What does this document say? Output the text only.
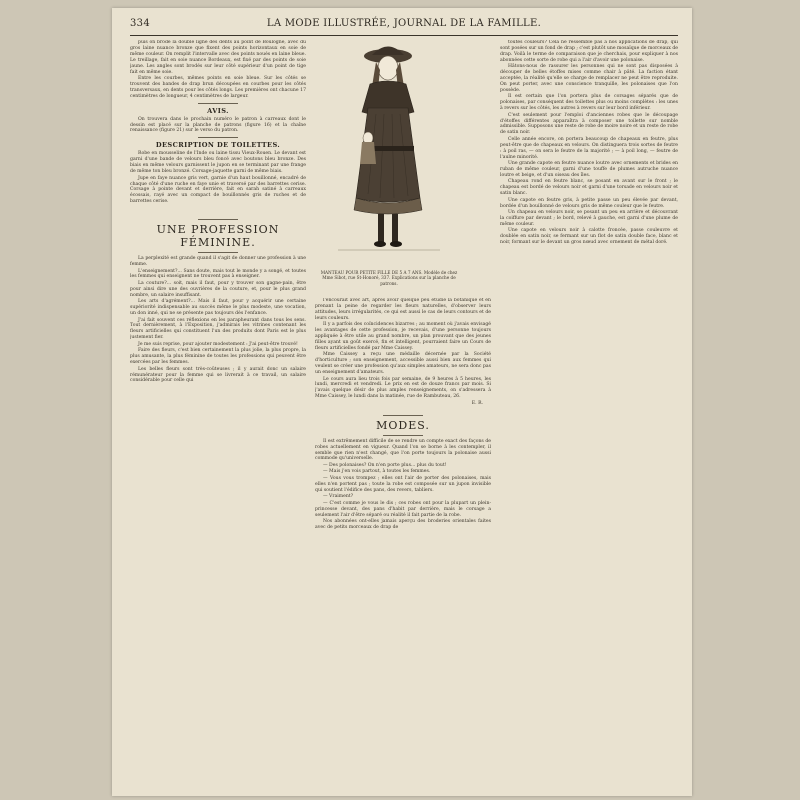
334	LA MODE ILLUSTRÉE, JOURNAL DE LA FAMILLE.

puis on brode la double ligne des dents au point de Boulogne, avec du gros laine nuance bronze que fixent des points horizontaux en soie de même couleur. On remplit l'intervalle avec des points noués en laine bleue. Le treillage, fait en soie nuance Bordeaux, est fixé par des points de soie jaune. Les angles sont brodés sur leur côté supérieur d'un point de tige fait en même soie.

Entre les courbes, mêmes points en soie bleue. Sur les côtés se trouvent des bandes de drap brun découpées en courbes pour les côtés transversaux, en dents pour les côtés longs. Les premières ont chacune 17 centimètres de longueur, 4 centimètres de largeur.

AVIS.

On trouvera dans le prochain numéro le patron à carreaux dont le dessin est placé sur la planche de patrons (figure 16) et la chaîne renaissance (figure 21) sur le verso du patron.

DESCRIPTION DE TOILETTES.

Robe en mousseline de l'Inde ou laine tissu Vieux-Rouen. Le devant est garni d'une bande de velours bleu foncé avec boutons bleu bronze. Des biais en même velours garnissent le jupon en se terminant par une frange de même ton bleu bronzé. Corsage-jaquette garni de même biais.

Jupe en faye nuance gris vert, garnie d'un haut bouillonné, encadré de chaque côté d'une ruche en faye unie et traversé par des barrettes cerise. Corsage à pointe devant et derrière, fait en sarah satiné à carreaux écossais, rayé avec un compact de bouillonnés gris de ruches et de barrettes cerise.

UNE PROFESSION FÉMININE.

La perplexité est grande quand il s'agit de donner une profession à une femme.

L'enseignement?... Sans doute, mais tout le monde y a songé, et toutes les femmes qui enseignent ne trouvent pas à enseigner.

La couture?... soit, mais il faut, pour y trouver son gagne-pain, être pour ainsi dire une des ouvrières de la couture, et, pour le plus grand nombre, un salaire insuffisant.

Les arts d'agrément?... Mais il faut, pour y acquérir une certaine supériorité indispensable au succès même le plus modeste, une vocation, un don inné, qui ne se présente pas toujours dès l'enfance.

J'ai fait souvent ces réflexions en les parapheurant dans tous les sens. Tout dernièrement, à l'Exposition, j'admirais les vitrines contenant les fleurs artificielles qui constituent l'un des produits dont Paris est le plus justement fier.

Je me suis reprise, pour ajouter modestement : J'ai peut-être trouvé!

Faire des fleurs, c'est bien certainement la plus jolie, la plus propre, la plus amusante, la plus féminine de toutes les professions qui peuvent être exercées par les femmes.

Les belles fleurs sont très-coûteuses ; il y aurait donc un salaire rémunérateur pour la femme qui se livrerait à ce travail, un salaire considérable pour celle qui

MANTEAU POUR PETITE FILLE DE 5 A 7 ANS. Modèle de chez Mme Sibot, rue St-Honoré, 337. Explications sur la planche de patrons.

l'encourait avec art, après avoir quelque peu étudié la botanique et en prenant la peine de regarder les fleurs naturelles, d'observer leurs attitudes, leurs irrégularités, ce qui est aussi le cas de leurs contours et de leurs couleurs.

Il y a parfois des coïncidences bizarres ; au moment où j'avais envisagé les avantages de cette profession, je recevais, d'une personne toujours appliquée à être utile au grand nombre, un plan prouvant que des jeunes filles ayant un goût exercé, fin et intelligent, pourraient faire un Cours de fleurs artificielles fondé par Mme Caissey.

Mme Caissey a reçu une médaille décernée par la Société d'horticulture ; son enseignement, accessible aussi bien aux femmes qui veulent se créer une profession qu'aux simples amateurs, ne sera donc pas un enseignement d'amateurs.

Le cours aura lieu trois fois par semaine, de 9 heures à 5 heures, les lundi, mercredi et vendredi. Le prix en est de douze francs par mois. Si j'avais quelque désir de plus amples renseignements, on s'adressera à Mme Caissey, le lundi dans la matinée, rue de Rambuteau, 26.

E. R.
MODES.

Il est extrêmement difficile de se rendre un compte exact des façons de robes actuellement en vigueur. Quand l'on se borne à les contempler, il semble que rien n'est changé, que l'on porte toujours la polonaise aussi commode qu'universelle.

— Des polonaises? On n'en porte plus... plus du tout!

— Mais j'en vois partout, à toutes les femmes.

— Vous vous trompez ; elles ont l'air de porter des polonaises, mais elles n'en portent pas ; toute la robe est composée sur un jupon invisible qui soutient l'édifice des pans, des revers, tabliers.

— Vraiment?

— C'est comme je vous le dis ; ces robes ont pour la plupart un plein-princesse devant, des pans d'habit par derrière, mais le corsage a seulement l'air d'être séparé ou réalité il fait partie de la robe.

Nos abonnées ont-elles jamais aperçu des broderies orientales faites avec de petits morceaux de drap de

toutes couleurs? Cela ne ressemble pas à nos applications de drap, qui sont posées sur un fond de drap ; c'est plutôt une mosaïque de morceaux de drap. Voilà le terme de comparaison que je cherchais, pour expliquer à nos abonnées cette sorte de robe qui a l'air d'avoir une polonaise.

Hâtons-nous de rassurer les personnes qui ne sont pas disposées à découper de belles étoffes mises comme chair à pâté. La faction étant acceptée, la réalité qu'elle se charge de remplacer ne peut être reproduite. On peut porter, avec une conscience tranquille, les polonaises que l'on possède.

Il est certain que l'on portera plus de corsages séparés que de polonaises, par conséquent des toilettes plus ou moins complètes : les unes à revers sur les côtés, les autres à revers sur leur bord inférieur.

C'est seulement pour l'emploi d'anciennes robes que le découpage d'étoffes différentes apparaîtra à composer une toilette sur nomble admissible. Supposons une reste de robe de moire noire et un reste de robe de satin noir.

Celle année encore, on portera beaucoup de chapeaux en feutre, plus peut-être que de chapeaux en velours. On distinguera trois sortes de feutre : à poil ras, — on sera le feutre de la majorité ; — à poil long, — feutre de l'aulne minorité.

Une grande capote en feutre nuance loutre avec ornements et brides en ruban de même couleur, garni d'une touffe de plumes autruche nuance loutre et beige, et d'un oiseau des îles.

Chapeau rond en feutre blanc, se posant en avant sur le front ; le chapeau est bordé de velours noir et garni d'une torsade en velours noir et satin blanc.

Une capote en feutre gris, à petite passe un peu élevée par devant, bordée d'un bouillonné de velours gris de même couleur que le feutre.

Un chapeau en velours noir, se posant un peu en arrière et découvrant la coiffure par devant ; le bord, relevé à gauche, est garni d'une plume de même couleur.

Une capote en velours noir à calotte froncée, passe couleuvre et doublée en satin noir, se fermant sur un flot de satin double face, blanc et noir, formant sur le devant un gros nœud avec ornement de métal doré.
